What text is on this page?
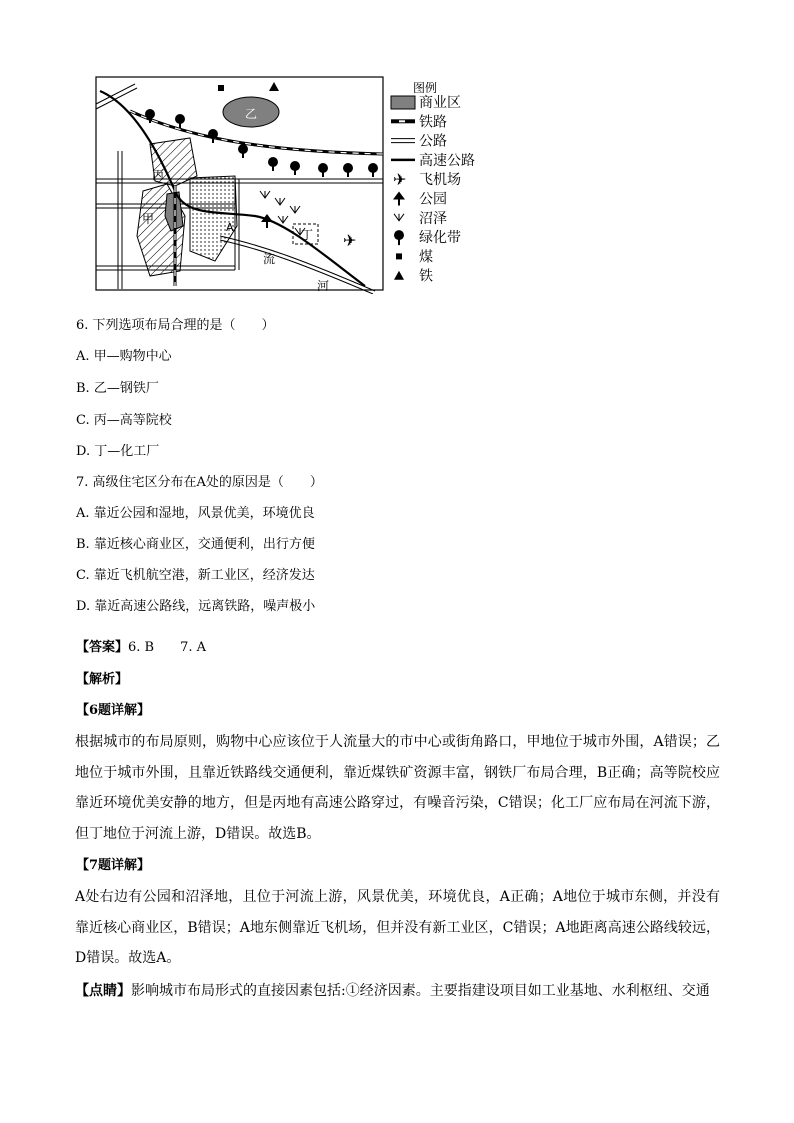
✈
乙
丙
甲
A
丁
流
河
图例
商业区
铁路
公路
高速公路
✈ 飞机场
公园
沼泽
绿化带
煤
铁
6. 下列选项布局合理的是（　　）
A. 甲—购物中心
B. 乙—钢铁厂
C. 丙—高等院校
D. 丁—化工厂
7. 高级住宅区分布在A处的原因是（　　）
A. 靠近公园和湿地，风景优美，环境优良
B. 靠近核心商业区，交通便利，出行方便
C. 靠近飞机航空港，新工业区，经济发达
D. 靠近高速公路线，远离铁路，噪声极小
【答案】6. B　　7. A
【解析】
【6题详解】
根据城市的布局原则，购物中心应该位于人流量大的市中心或街角路口，甲地位于城市外围，A错误；乙地位于城市外围，且靠近铁路线交通便利，靠近煤铁矿资源丰富，钢铁厂布局合理，B正确；高等院校应靠近环境优美安静的地方，但是丙地有高速公路穿过，有噪音污染，C错误；化工厂应布局在河流下游，但丁地位于河流上游，D错误。故选B。
【7题详解】
A处右边有公园和沼泽地，且位于河流上游，风景优美，环境优良，A正确；A地位于城市东侧，并没有靠近核心商业区，B错误；A地东侧靠近飞机场，但并没有新工业区，C错误；A地距离高速公路线较远，D错误。故选A。
【点睛】影响城市布局形式的直接因素包括:①经济因素。主要指建设项目如工业基地、水利枢纽、交通
